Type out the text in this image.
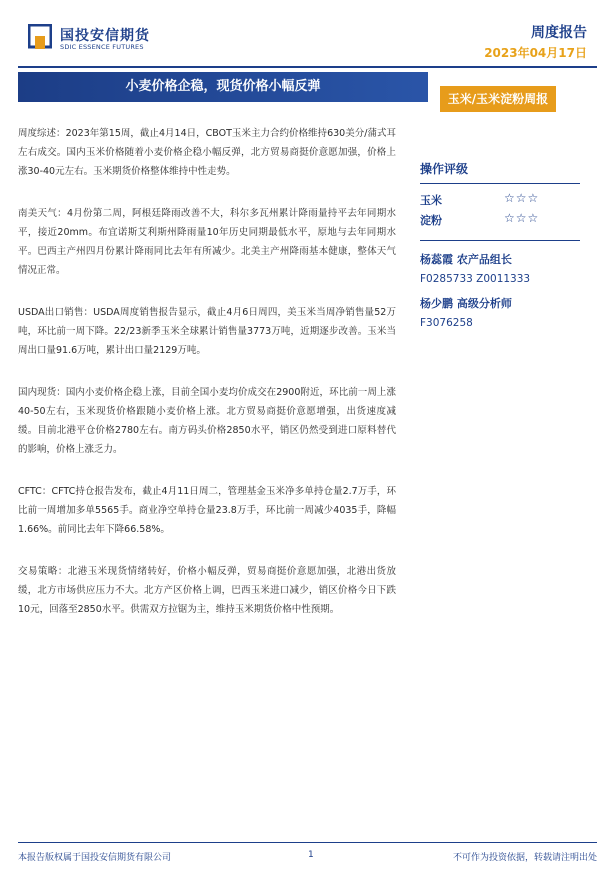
国投安信期货
SDIC ESSENCE FUTURES
周度报告
2023年04月17日
小麦价格企稳，现货价格小幅反弹
玉米/玉米淀粉周报

周度综述：2023年第15周，截止4月14日，CBOT玉米主力合约价格维持630美分/蒲式耳左右成交。国内玉米价格随着小麦价格企稳小幅反弹，北方贸易商挺价意愿加强，价格上涨30-40元左右。玉米期货价格整体维持中性走势。

南美天气：4月份第二周，阿根廷降雨改善不大，科尔多瓦州累计降雨量持平去年同期水平，接近20mm。布宜诺斯艾利斯州降雨量10年历史同期最低水平，原地与去年同期水平。巴西主产州四月份累计降雨同比去年有所减少。北美主产州降雨基本健康，整体天气情况正常。

USDA出口销售：USDA周度销售报告显示，截止4月6日周四，美玉米当周净销售量52万吨，环比前一周下降。22/23新季玉米全球累计销售量3773万吨，近期逐步改善。玉米当周出口量91.6万吨，累计出口量2129万吨。

国内现货：国内小麦价格企稳上涨，目前全国小麦均价成交在2900附近，环比前一周上涨40-50左右，玉米现货价格跟随小麦价格上涨。北方贸易商挺价意愿增强，出货速度减缓。目前北港平仓价格2780左右。南方码头价格2850水平，销区仍然受到进口原料替代的影响，价格上涨乏力。

CFTC：CFTC持仓报告发布，截止4月11日周二，管理基金玉米净多单持仓量2.7万手，环比前一周增加多单5565手。商业净空单持仓量23.8万手，环比前一周减少4035手，降幅1.66%。前同比去年下降66.58%。

交易策略：北港玉米现货情绪转好，价格小幅反弹，贸易商挺价意愿加强，北港出货放缓，北方市场供应压力不大。北方产区价格上调，巴西玉米进口减少，销区价格今日下跌10元，回落至2850水平。供需双方拉锯为主，维持玉米期货价格中性预期。

操作评级
玉米	☆☆☆
淀粉	☆☆☆
杨蕊霞 农产品组长
F0285733 Z0011333
杨少鹏 高级分析师
F3076258
本报告版权属于国投安信期货有限公司	1	不可作为投资依据，转载请注明出处
